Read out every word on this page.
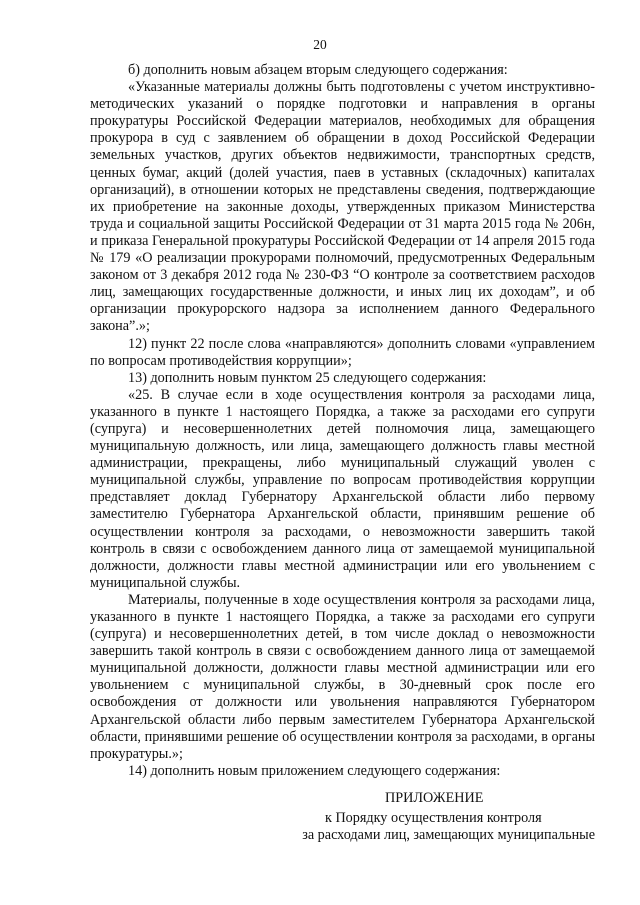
20

б) дополнить новым абзацем вторым следующего содержания:

«Указанные материалы должны быть подготовлены с учетом инструктивно-методических указаний о порядке подготовки и направления в органы прокуратуры Российской Федерации материалов, необходимых для обращения прокурора в суд с заявлением об обращении в доход Российской Федерации земельных участков, других объектов недвижимости, транспортных средств, ценных бумаг, акций (долей участия, паев в уставных (складочных) капиталах организаций), в отношении которых не представлены сведения, подтверждающие их приобретение на законные доходы, утвержденных приказом Министерства труда и социальной защиты Российской Федерации от 31 марта 2015 года № 206н, и приказа Генеральной прокуратуры Российской Федерации от 14 апреля 2015 года № 179 «О реализации прокурорами полномочий, предусмотренных Федеральным законом от 3 декабря 2012 года № 230-ФЗ “О контроле за соответствием расходов лиц, замещающих государственные должности, и иных лиц их доходам”, и об организации прокурорского надзора за исполнением данного Федерального закона”.»;

12) пункт 22 после слова «направляются» дополнить словами «управлением по вопросам противодействия коррупции»;

13) дополнить новым пунктом 25 следующего содержания:

«25. В случае если в ходе осуществления контроля за расходами лица, указанного в пункте 1 настоящего Порядка, а также за расходами его супруги (супруга) и несовершеннолетних детей полномочия лица, замещающего муниципальную должность, или лица, замещающего должность главы местной администрации, прекращены, либо муниципальный служащий уволен с муниципальной службы, управление по вопросам противодействия коррупции представляет доклад Губернатору Архангельской области либо первому заместителю Губернатора Архангельской области, принявшим решение об осуществлении контроля за расходами, о невозможности завершить такой контроль в связи с освобождением данного лица от замещаемой муниципальной должности, должности главы местной администрации или его увольнением с муниципальной службы.

Материалы, полученные в ходе осуществления контроля за расходами лица, указанного в пункте 1 настоящего Порядка, а также за расходами его супруги (супруга) и несовершеннолетних детей, в том числе доклад о невозможности завершить такой контроль в связи с освобождением данного лица от замещаемой муниципальной должности, должности главы местной администрации или его увольнением с муниципальной службы, в 30-дневный срок после его освобождения от должности или увольнения направляются Губернатором Архангельской области либо первым заместителем Губернатора Архангельской области, принявшими решение об осуществлении контроля за расходами, в органы прокуратуры.»;

14) дополнить новым приложением следующего содержания:

ПРИЛОЖЕНИЕ
к Порядку осуществления контроля
за расходами лиц, замещающих муниципальные
